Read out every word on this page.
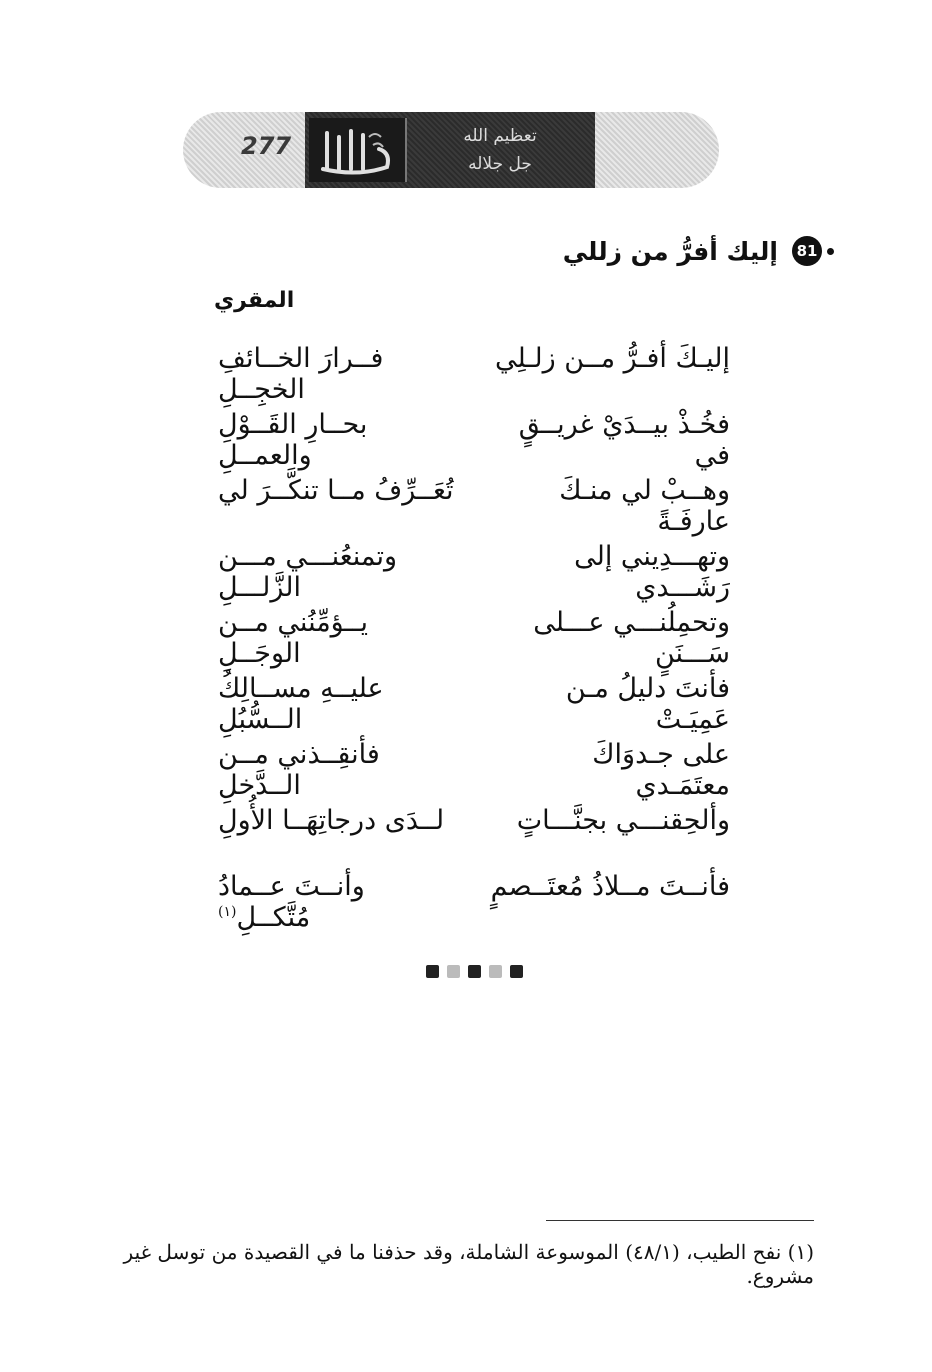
277	تعظيم الله
جل جلاله
81
إليك أفرُّ من زللي
المقري
إليـكَ أفـرُّ مــن زلـلِي
فــرارَ الخــائفِ الخجِــلِ
فخُـذْ بيــدَيْ غريــقٍ في
بحــارِ القَــوْلِ والعمــلِ
وهــبْ لي منـكَ عارفَـةً
تُعَــرِّفُ مــا تنكَّــرَ لي
وتهـــدِيني إلى رَشَـــدي
وتمنعُنـــي مـــن الزَّلـــلِ
وتحمِلُنـــي عـــلى سَـــنَنٍ
يــؤمِّنُني مــن الوجَــلِ
فأنتَ دليلُ مـن عَمِيَـتْ
عليــهِ مســالِكُ الــسُّبُلِ
على جـدوَاكَ معتَمَـدي
فأنقِــذني مــن الــدَّخلِ
وألحِقنـــي بجنَّـــاتٍ
لــدَى درجاتِهَــا الأُولِ
فأنــتَ مــلاذُ مُعتَــصمٍ
وأنــتَ عــمادُ مُتَّكــلِ$^{(١)}$
(١) نفح الطيب، (٤٨/١) الموسوعة الشاملة، وقد حذفنا ما في القصيدة من توسل غير مشروع.
